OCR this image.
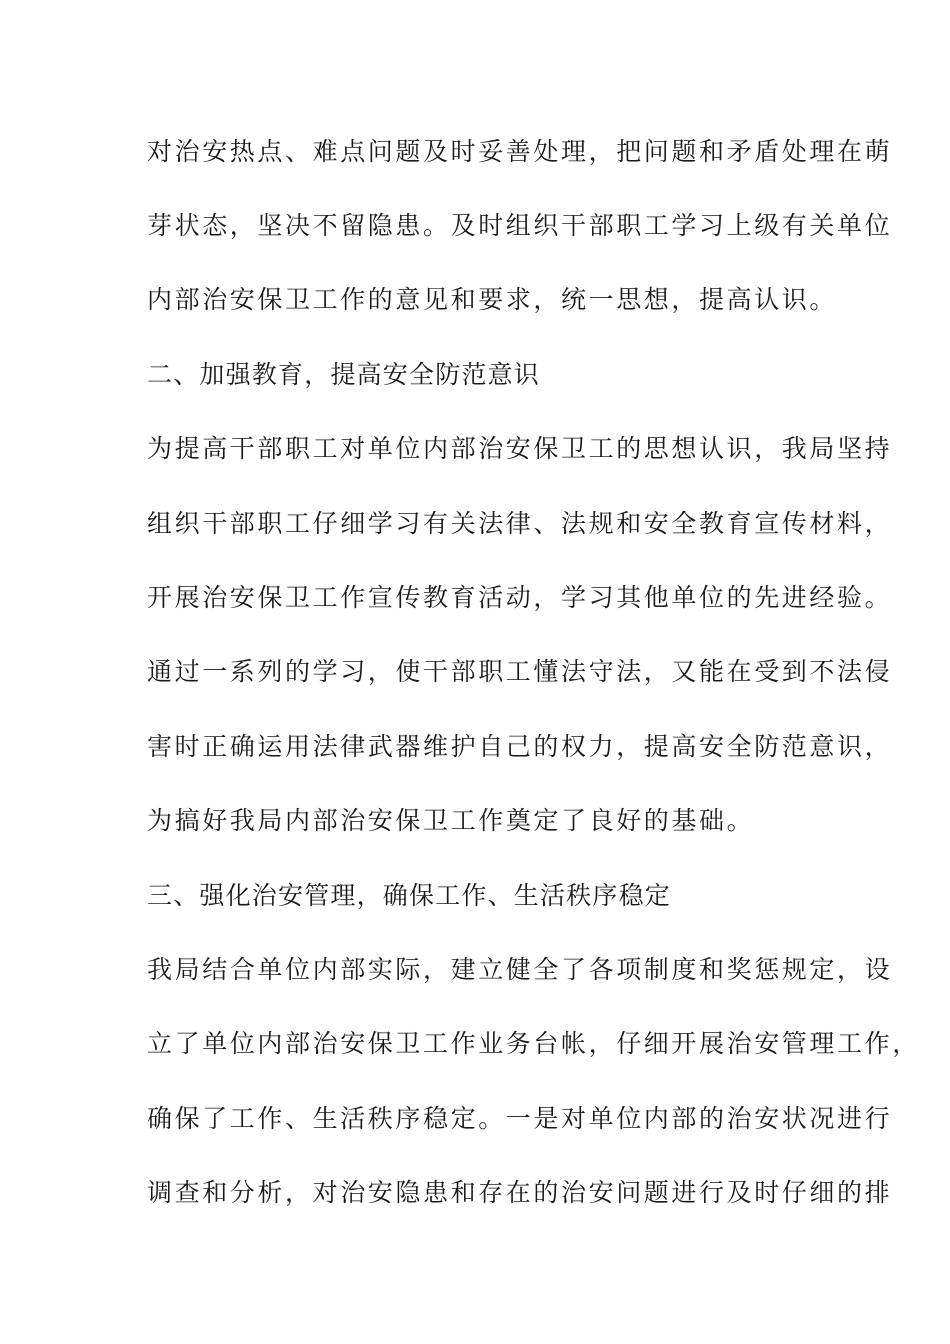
对治安热点、难点问题及时妥善处理，把问题和矛盾处理在萌
芽状态，坚决不留隐患。及时组织干部职工学习上级有关单位
内部治安保卫工作的意见和要求，统一思想，提高认识。
二、加强教育，提高安全防范意识
为提高干部职工对单位内部治安保卫工的思想认识，我局坚持
组织干部职工仔细学习有关法律、法规和安全教育宣传材料，
开展治安保卫工作宣传教育活动，学习其他单位的先进经验。
通过一系列的学习，使干部职工懂法守法，又能在受到不法侵
害时正确运用法律武器维护自己的权力，提高安全防范意识，
为搞好我局内部治安保卫工作奠定了良好的基础。
三、强化治安管理，确保工作、生活秩序稳定
我局结合单位内部实际，建立健全了各项制度和奖惩规定，设
立了单位内部治安保卫工作业务台帐，仔细开展治安管理工作，
确保了工作、生活秩序稳定。一是对单位内部的治安状况进行
调查和分析，对治安隐患和存在的治安问题进行及时仔细的排
